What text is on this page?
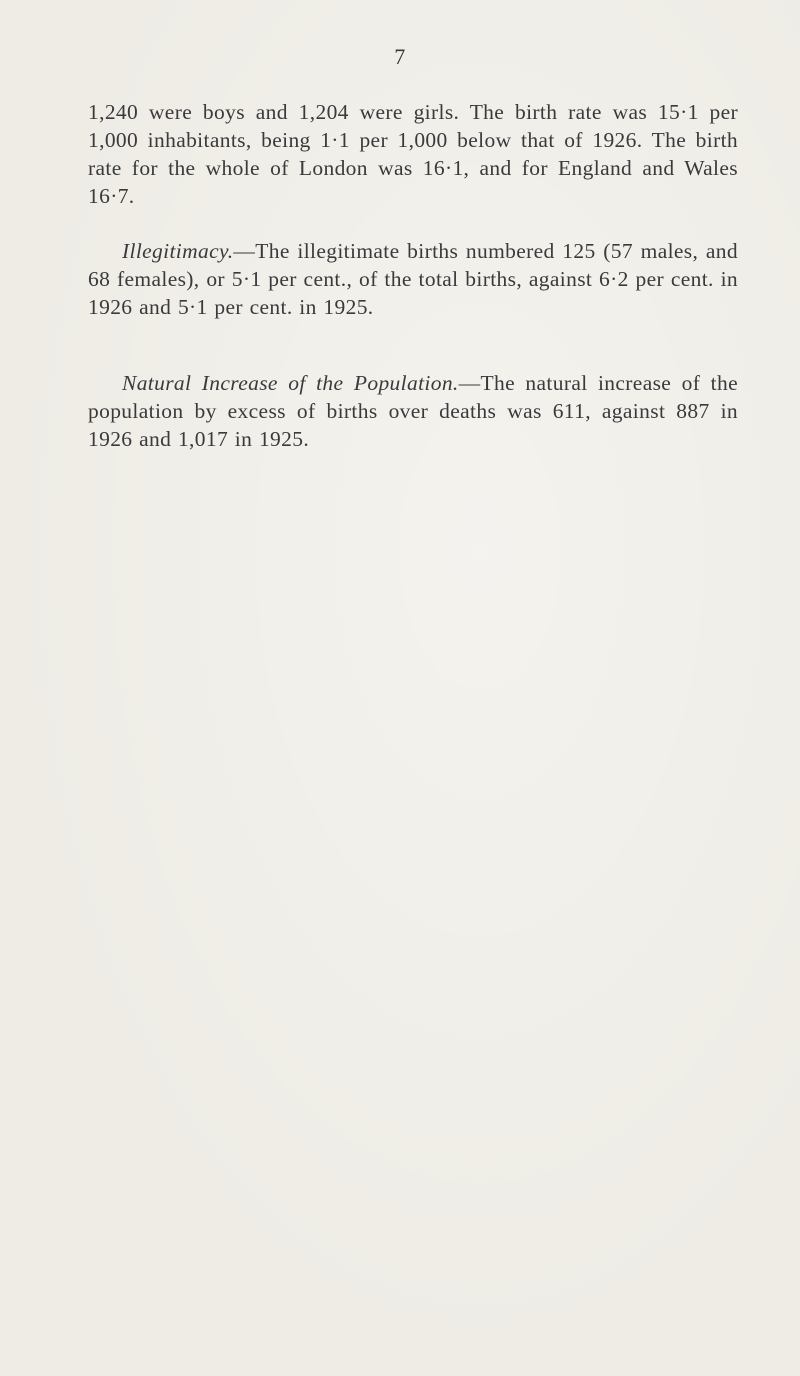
7

1,240 were boys and 1,204 were girls. The birth rate was 15·1 per 1,000 inhabitants, being 1·1 per 1,000 below that of 1926. The birth rate for the whole of London was 16·1, and for England and Wales 16·7.

Illegitimacy.—The illegitimate births numbered 125 (57 males, and 68 females), or 5·1 per cent., of the total births, against 6·2 per cent. in 1926 and 5·1 per cent. in 1925.

Natural Increase of the Population.—The natural increase of the population by excess of births over deaths was 611, against 887 in 1926 and 1,017 in 1925.
